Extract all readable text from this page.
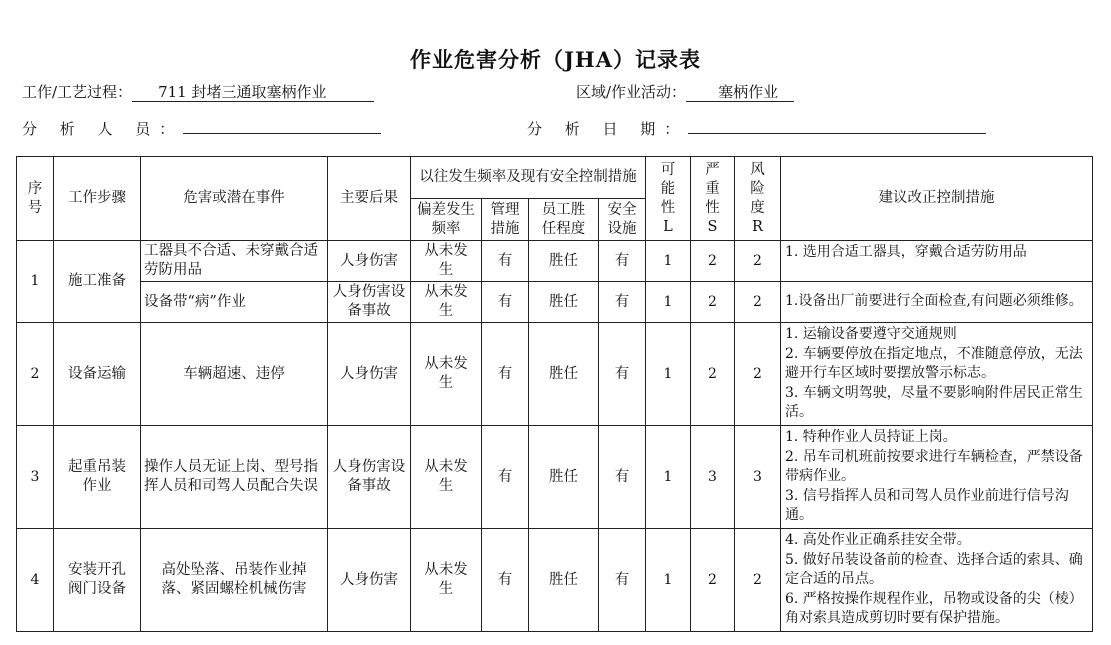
作业危害分析（JHA）记录表
工作/工艺过程： 711 封堵三通取塞柄作业	区域/作业活动： 塞柄作业
分 析 人 员：	分 析 日 期：
序号	工作步骤	危害或潜在事件	主要后果	以往发生频率及现有安全控制措施				可能性L	严重性S	风险度R	建议改正控制措施
				偏差发生频率	管理措施	员工胜任程度	安全设施				
1	施工准备	工器具不合适、未穿戴合适劳防用品	人身伤害	从未发生	有	胜任	有	1	2	2	1. 选用合适工器具，穿戴合适劳防用品

		设备带“病”作业	人身伤害设备事故	从未发生	有	胜任	有	1	2	2	1.设备出厂前要进行全面检查,有问题必须维修。

2	设备运输	车辆超速、违停	人身伤害	从未发生	有	胜任	有	1	2	2	1. 运输设备要遵守交通规则
2. 车辆要停放在指定地点，不准随意停放，无法避开行车区域时要摆放警示标志。
3. 车辆文明驾驶，尽量不要影响附件居民正常生活。

3	起重吊装作业	操作人员无证上岗、型号指挥人员和司驾人员配合失误	人身伤害设备事故	从未发生	有	胜任	有	1	3	3	1. 特种作业人员持证上岗。
2. 吊车司机班前按要求进行车辆检查，严禁设备带病作业。
3. 信号指挥人员和司驾人员作业前进行信号沟通。

4	安装开孔阀门设备	高处坠落、吊装作业掉落、紧固螺栓机械伤害	人身伤害	从未发生	有	胜任	有	1	2	2	4. 高处作业正确系挂安全带。
5. 做好吊装设备前的检查、选择合适的索具、确定合适的吊点。
6. 严格按操作规程作业，吊物或设备的尖（棱）角对索具造成剪切时要有保护措施。
